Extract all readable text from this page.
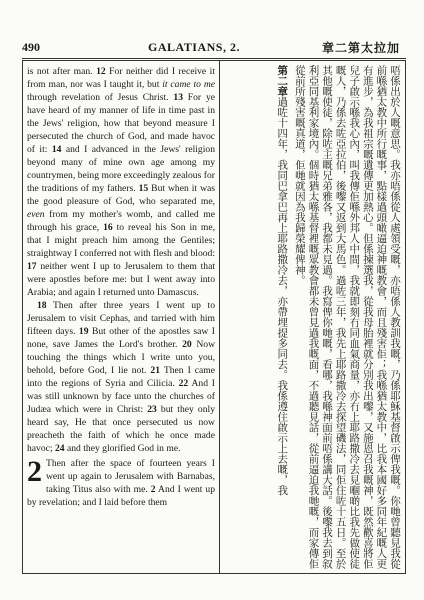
490	GALATIANS, 2.	章二第太拉加

is not after man. 12 For neither did I receive it from man, nor was I taught it, but it came to me through revelation of Jesus Christ. 13 For ye have heard of my manner of life in time past in the Jews' religion, how that beyond measure I persecuted the church of God, and made havoc of it: 14 and I advanced in the Jews' religion beyond many of mine own age among my countrymen, being more exceedingly zealous for the traditions of my fathers. 15 But when it was the good pleasure of God, who separated me, even from my mother's womb, and called me through his grace, 16 to reveal his Son in me, that I might preach him among the Gentiles; straightway I conferred not with flesh and blood: 17 neither went I up to Jerusalem to them that were apostles before me: but I went away into Arabia; and again I returned unto Damascus.

18 Then after three years I went up to Jerusalem to visit Cephas, and tarried with him fifteen days. 19 But other of the apostles saw I none, save James the Lord's brother. 20 Now touching the things which I write unto you, behold, before God, I lie not. 21 Then I came into the regions of Syria and Cilicia. 22 And I was still unknown by face unto the churches of Judæa which were in Christ: 23 but they only heard say, He that once persecuted us now preacheth the faith of which he once made havoc; 24 and they glorified God in me.

2 Then after the space of fourteen years I went up again to Jerusalem with Barnabas, taking Titus also with me. 2 And I went up by revelation; and I laid before them	唔係出於人嘅意思。我亦唔係從人處領受嘅，亦唔係人教訓我嘅，乃係耶穌基督啟示俾我嘅。你哋曾聽見我從前喺猶太教中所行嘅事，點樣過頭噉逼迫神嘅教會，而且殘害佢；我喺猶太教中，比我本國好多同年紀嘅人更有進步，為我祖宗嘅遺傳更加熱心。但係揀選我，從我母胎裡就分別我出嚟，又施恩召我嘅神，既然歡喜將佢兒子啟示喺我心內，叫我傳佢喺外邦人中間，我就即刻冇同血氣商量，亦冇上耶路撒冷去見嗰啲比我先做使徒嘅人，乃係去咗亞拉伯，後嚟又返到大馬色。過咗三年，我先上耶路撒冷去探望磯法，同佢住咗十五日。至於其他嘅使徒，除咗主嘅兄弟雅各，我都未見過。我寫俾你哋嘅，看哪，我喺神面前唔係講大話。後嚟我去到叙利亞同基利家境內。個時猶太喺基督裡嘅眾教會都未曾見過我嘅面，不過聽見話，從前逼迫我哋嘅，而家傳佢從前所殘害嘅真道，佢哋就因為我歸榮耀俾神。

第二章過咗十四年，我同巴拿巴再上耶路撒冷去，亦帶埋提多同去。我係遵住啟示上去嘅，我
